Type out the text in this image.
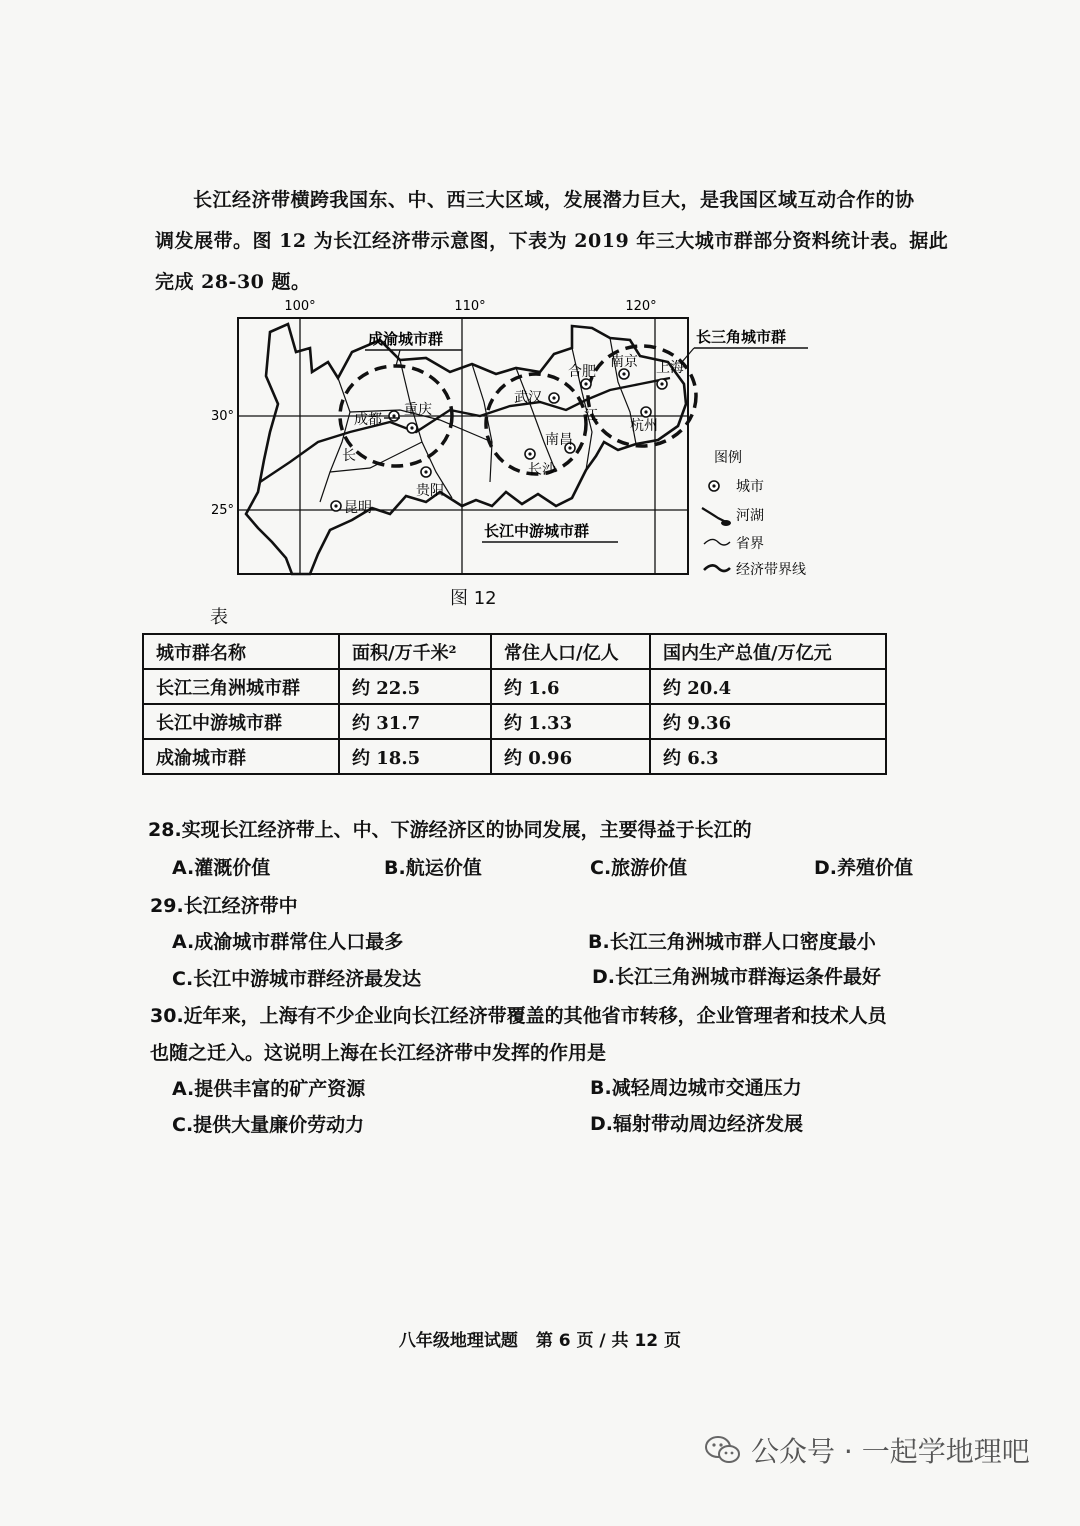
长江经济带横跨我国东、中、西三大区域，发展潜力巨大，是我国区域互动合作的协

调发展带。图 12 为长江经济带示意图，下表为 2019 年三大城市群部分资料统计表。据此
完成 28-30 题。
100°	110°	120°
30°
25°
成渝城市群	长三角城市群
长江中游城市群
成都
重庆
贵阳
昆明
武汉
南昌
长沙
合肥
南京 上海
杭州
长
江
图例
城市
河湖
省界
经济带界线
图 12
表
城市群名称	面积/万千米²	常住人口/亿人	国内生产总值/万亿元
长江三角洲城市群	约 22.5	约 1.6	约 20.4
长江中游城市群	约 31.7	约 1.33	约 9.36
成渝城市群	约 18.5	约 0.96	约 6.3
28.实现长江经济带上、中、下游经济区的协同发展，主要得益于长江的
A.灌溉价值	B.航运价值	C.旅游价值	D.养殖价值
29.长江经济带中
A.成渝城市群常住人口最多	B.长江三角洲城市群人口密度最小
C.长江中游城市群经济最发达	D.长江三角洲城市群海运条件最好
30.近年来，上海有不少企业向长江经济带覆盖的其他省市转移，企业管理者和技术人员
也随之迁入。这说明上海在长江经济带中发挥的作用是
A.提供丰富的矿产资源	B.减轻周边城市交通压力
C.提供大量廉价劳动力	D.辐射带动周边经济发展
八年级地理试题 第 6 页 / 共 12 页
公众号 · 一起学地理吧
